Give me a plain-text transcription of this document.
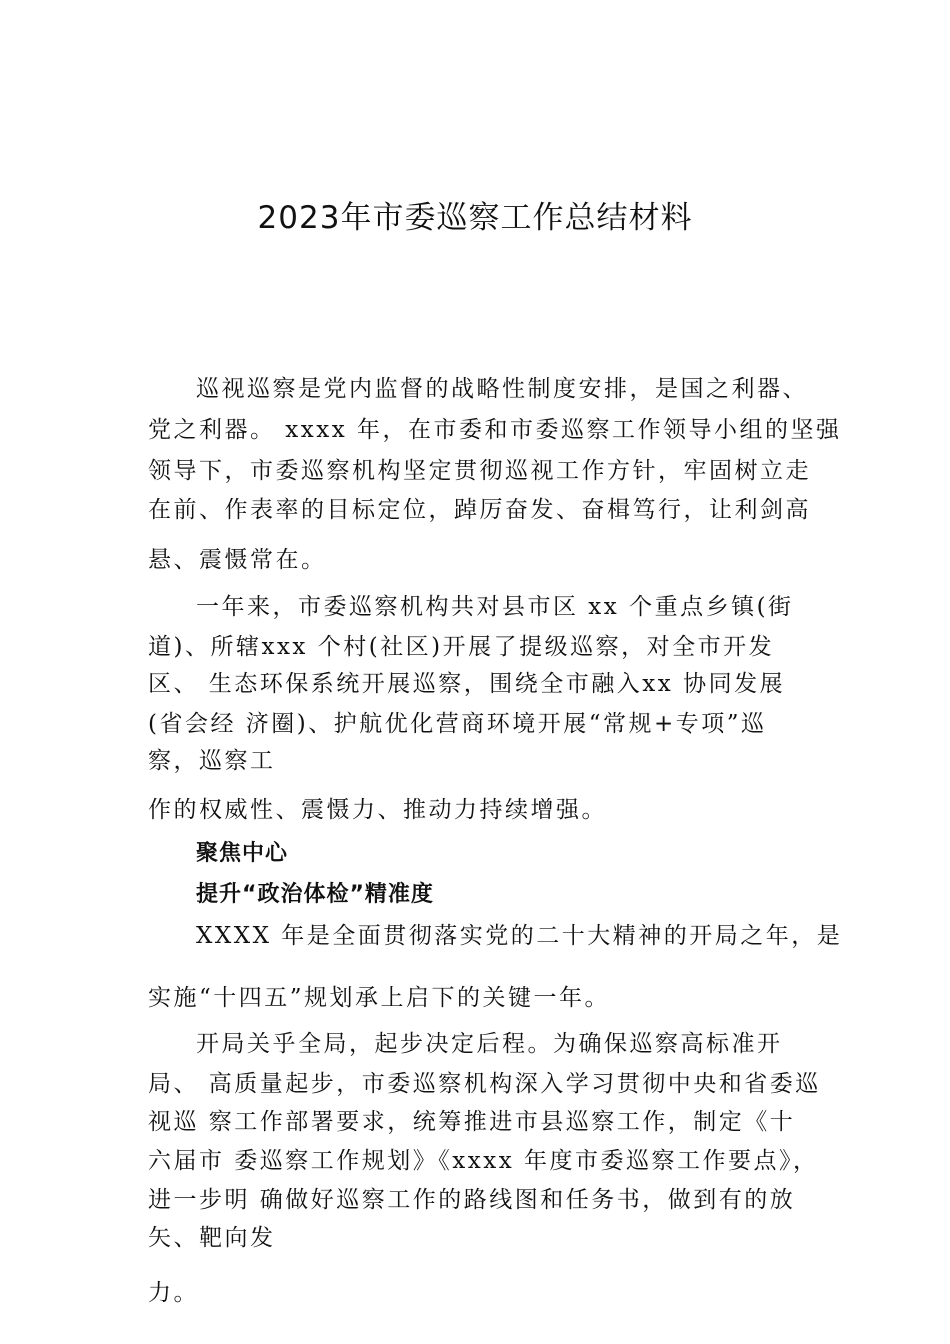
2023年市委巡察工作总结材料
巡视巡察是党内监督的战略性制度安排，是国之利器、
党之利器。 xxxx 年，在市委和市委巡察工作领导小组的坚强
领导下，市委巡察机构坚定贯彻巡视工作方针，牢固树立走
在前、作表率的目标定位，踔厉奋发、奋楫笃行，让利剑高
悬、震慑常在。
一年来，市委巡察机构共对县市区 xx 个重点乡镇(街
道)、所辖xxx 个村(社区)开展了提级巡察，对全市开发
区、 生态环保系统开展巡察，围绕全市融入xx 协同发展
(省会经 济圈)、护航优化营商环境开展“常规+专项”巡
察，巡察工
作的权威性、震慑力、推动力持续增强。
聚焦中心
提升“政治体检”精准度
XXXX 年是全面贯彻落实党的二十大精神的开局之年，是
实施“十四五”规划承上启下的关键一年。
开局关乎全局，起步决定后程。为确保巡察高标准开
局、 高质量起步，市委巡察机构深入学习贯彻中央和省委巡
视巡 察工作部署要求，统筹推进市县巡察工作，制定《十
六届市 委巡察工作规划》《xxxx 年度市委巡察工作要点》，
进一步明 确做好巡察工作的路线图和任务书，做到有的放
矢、靶向发
力。
